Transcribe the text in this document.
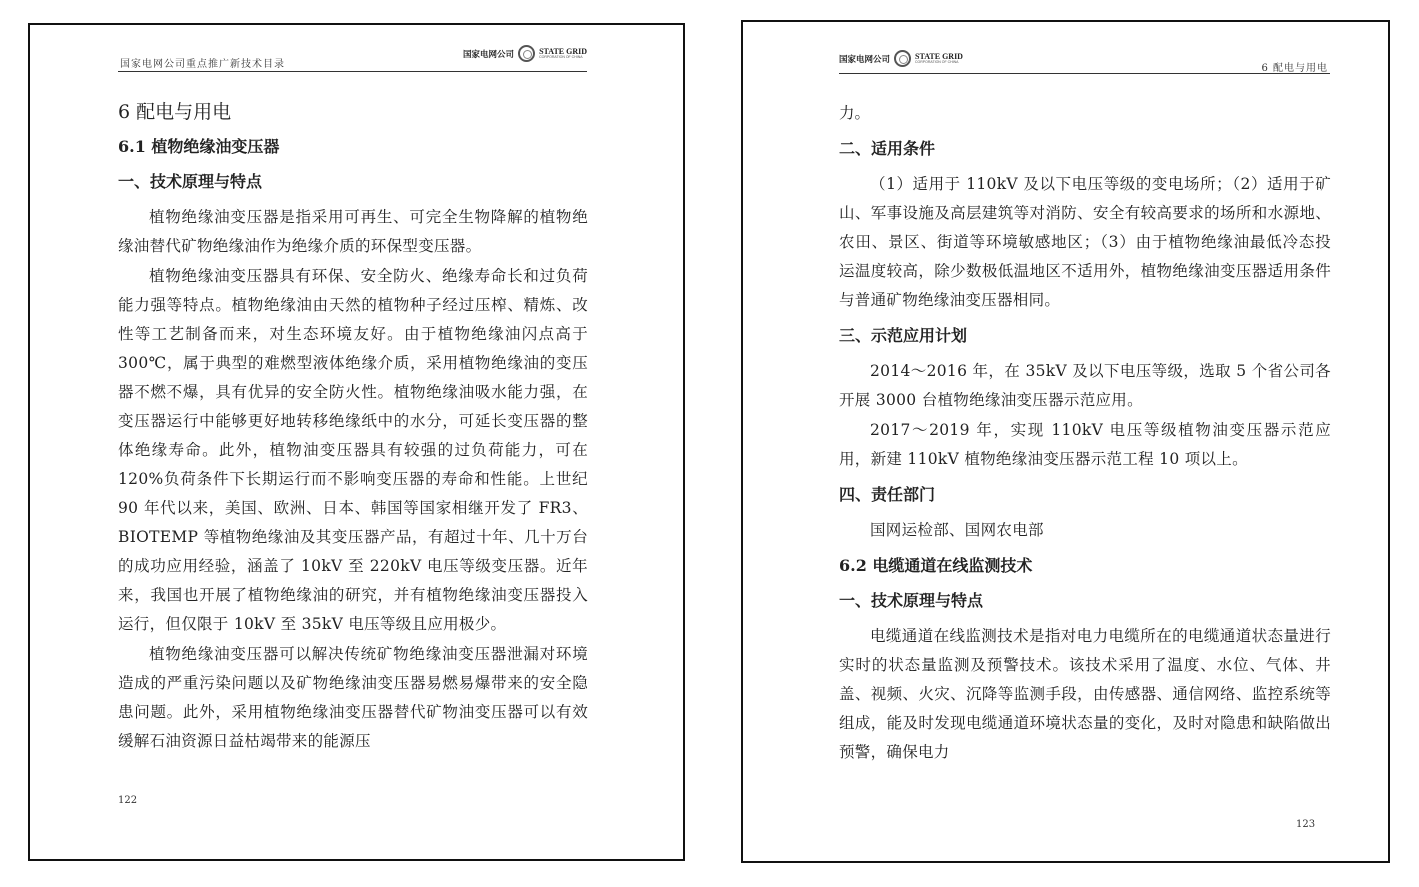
国家电网公司重点推广新技术目录
国家电网公司	STATE GRID
CORPORATION OF CHINA
6 配电与用电
6.1 植物绝缘油变压器
一、技术原理与特点

植物绝缘油变压器是指采用可再生、可完全生物降解的植物绝缘油替代矿物绝缘油作为绝缘介质的环保型变压器。

植物绝缘油变压器具有环保、安全防火、绝缘寿命长和过负荷能力强等特点。植物绝缘油由天然的植物种子经过压榨、精炼、改性等工艺制备而来，对生态环境友好。由于植物绝缘油闪点高于 300℃，属于典型的难燃型液体绝缘介质，采用植物绝缘油的变压器不燃不爆，具有优异的安全防火性。植物绝缘油吸水能力强，在变压器运行中能够更好地转移绝缘纸中的水分，可延长变压器的整体绝缘寿命。此外，植物油变压器具有较强的过负荷能力，可在 120%负荷条件下长期运行而不影响变压器的寿命和性能。上世纪 90 年代以来，美国、欧洲、日本、韩国等国家相继开发了 FR3、BIOTEMP 等植物绝缘油及其变压器产品，有超过十年、几十万台的成功应用经验，涵盖了 10kV 至 220kV 电压等级变压器。近年来，我国也开展了植物绝缘油的研究，并有植物绝缘油变压器投入运行，但仅限于 10kV 至 35kV 电压等级且应用极少。

植物绝缘油变压器可以解决传统矿物绝缘油变压器泄漏对环境造成的严重污染问题以及矿物绝缘油变压器易燃易爆带来的安全隐患问题。此外，采用植物绝缘油变压器替代矿物油变压器可以有效缓解石油资源日益枯竭带来的能源压

122
国家电网公司	STATE GRID
CORPORATION OF CHINA
6 配电与用电
力。
二、适用条件

（1）适用于 110kV 及以下电压等级的变电场所；（2）适用于矿山、军事设施及高层建筑等对消防、安全有较高要求的场所和水源地、农田、景区、街道等环境敏感地区；（3）由于植物绝缘油最低冷态投运温度较高，除少数极低温地区不适用外，植物绝缘油变压器适用条件与普通矿物绝缘油变压器相同。

三、示范应用计划

2014～2016 年，在 35kV 及以下电压等级，选取 5 个省公司各开展 3000 台植物绝缘油变压器示范应用。

2017～2019 年，实现 110kV 电压等级植物油变压器示范应用，新建 110kV 植物绝缘油变压器示范工程 10 项以上。

四、责任部门

国网运检部、国网农电部

6.2 电缆通道在线监测技术
一、技术原理与特点

电缆通道在线监测技术是指对电力电缆所在的电缆通道状态量进行实时的状态量监测及预警技术。该技术采用了温度、水位、气体、井盖、视频、火灾、沉降等监测手段，由传感器、通信网络、监控系统等组成，能及时发现电缆通道环境状态量的变化，及时对隐患和缺陷做出预警，确保电力

123
